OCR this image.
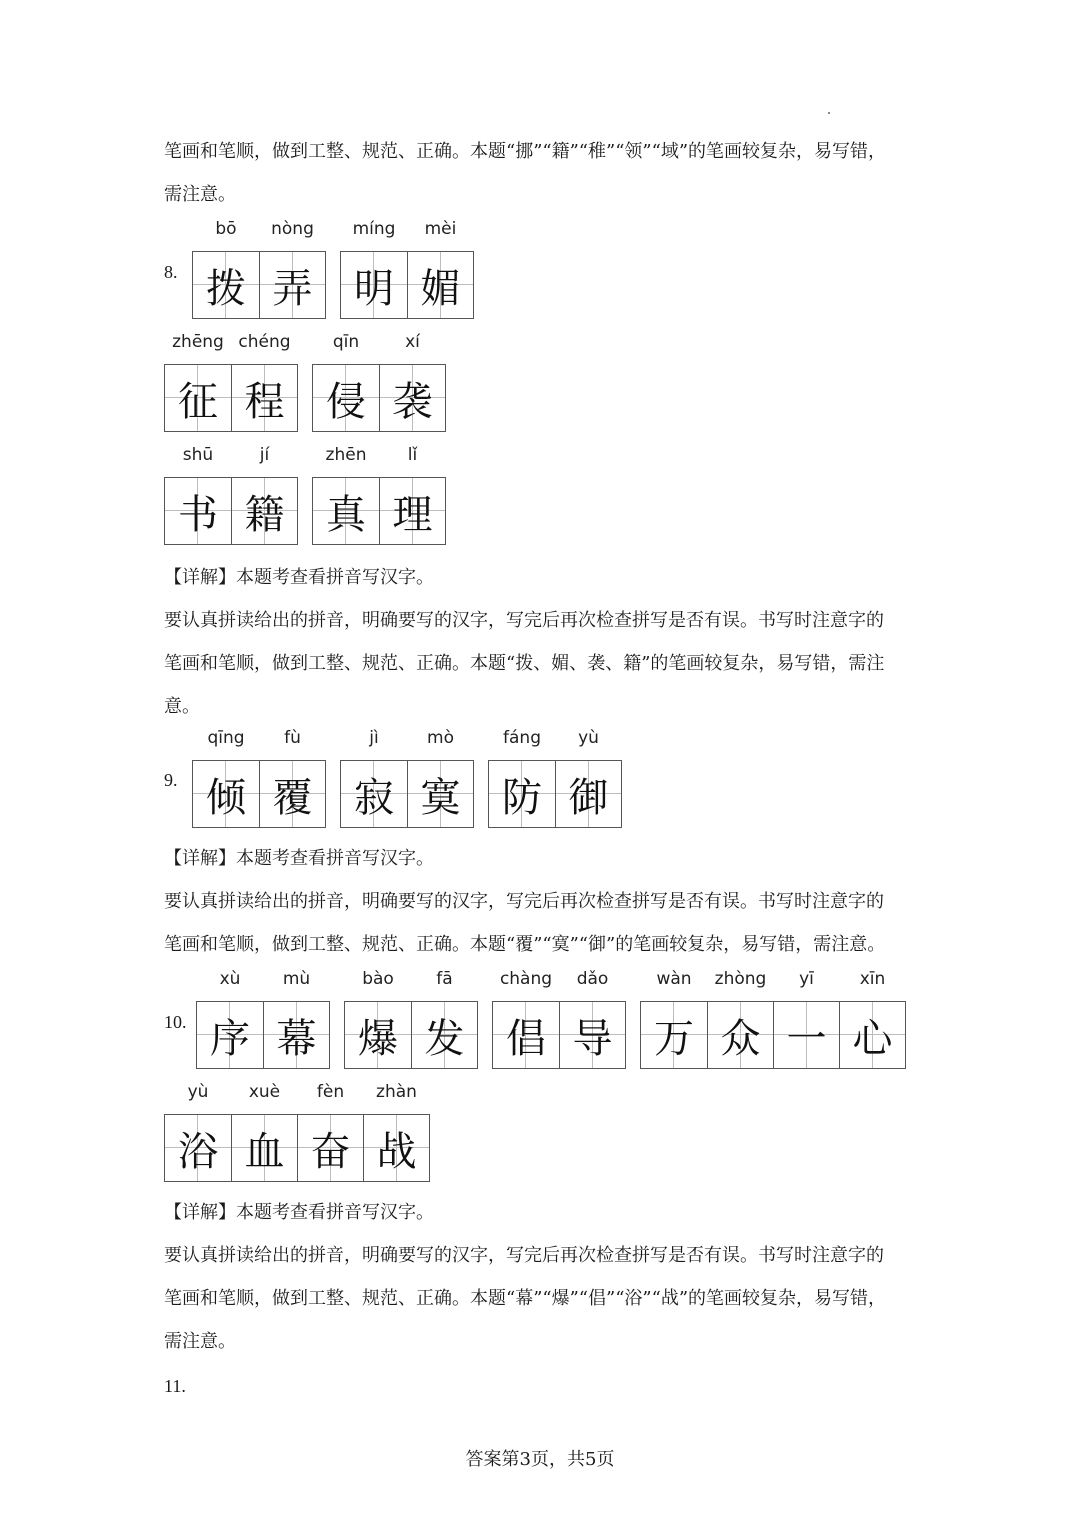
笔画和笔顺，做到工整、规范、正确。本题“挪”“籍”“稚”“领”“域”的笔画较复杂，易写错，

需注意。

8.
bō
拨
nòng
弄
míng
明
mèi
媚
zhēng
征
chéng
程
qīn
侵
xí
袭
shū
书
jí
籍
zhēn
真
lǐ
理

【详解】本题考查看拼音写汉字。

要认真拼读给出的拼音，明确要写的汉字，写完后再次检查拼写是否有误。书写时注意字的

笔画和笔顺，做到工整、规范、正确。本题“拨、媚、袭、籍”的笔画较复杂，易写错，需注

意。

9.
qīng
倾
fù
覆
jì
寂
mò
寞
fáng
防
yù
御

【详解】本题考查看拼音写汉字。

要认真拼读给出的拼音，明确要写的汉字，写完后再次检查拼写是否有误。书写时注意字的

笔画和笔顺，做到工整、规范、正确。本题“覆”“寞”“御”的笔画较复杂，易写错，需注意。

10.
xù
序
mù
幕
bào
爆
fā
发
chàng
倡
dǎo
导
wàn
万
zhòng
众
yī
一
xīn
心
yù
浴
xuè
血
fèn
奋
zhàn
战

【详解】本题考查看拼音写汉字。

要认真拼读给出的拼音，明确要写的汉字，写完后再次检查拼写是否有误。书写时注意字的

笔画和笔顺，做到工整、规范、正确。本题“幕”“爆”“倡”“浴”“战”的笔画较复杂，易写错，

需注意。

11.
答案第3页，共5页
